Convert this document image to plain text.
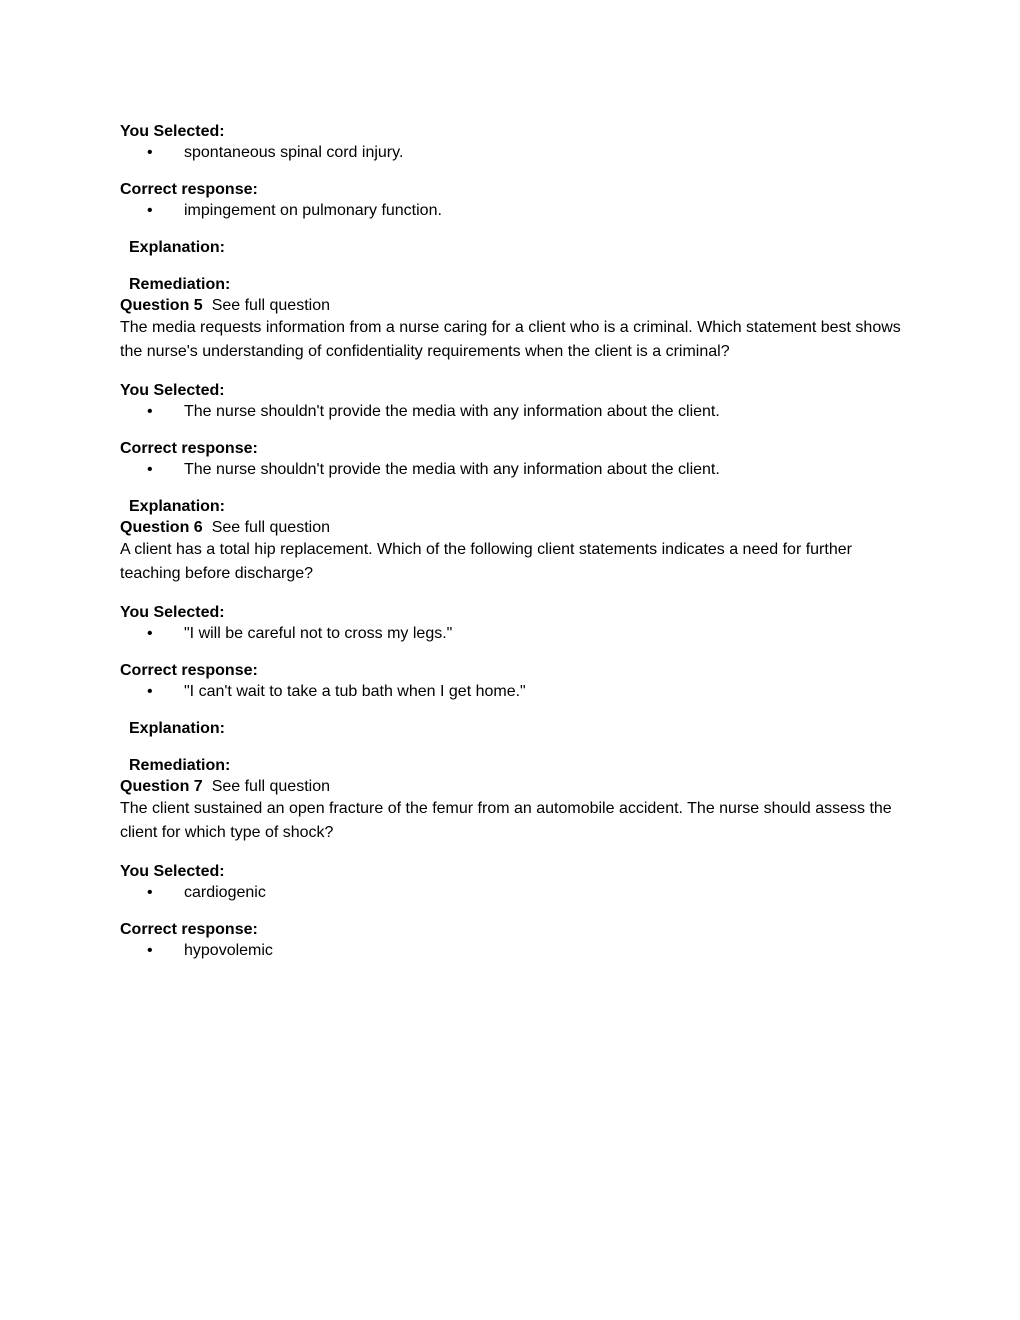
You Selected:

• spontaneous spinal cord injury.

Correct response:

• impingement on pulmonary function.

Explanation:

Remediation:

Question 5 See full question

The media requests information from a nurse caring for a client who is a criminal. Which statement best shows the nurse's understanding of confidentiality requirements when the client is a criminal?

You Selected:

• The nurse shouldn't provide the media with any information about the client.

Correct response:

• The nurse shouldn't provide the media with any information about the client.

Explanation:

Question 6 See full question

A client has a total hip replacement. Which of the following client statements indicates a need for further teaching before discharge?

You Selected:

• "I will be careful not to cross my legs."

Correct response:

• "I can't wait to take a tub bath when I get home."

Explanation:

Remediation:

Question 7 See full question

The client sustained an open fracture of the femur from an automobile accident. The nurse should assess the client for which type of shock?

You Selected:

• cardiogenic

Correct response:

• hypovolemic
